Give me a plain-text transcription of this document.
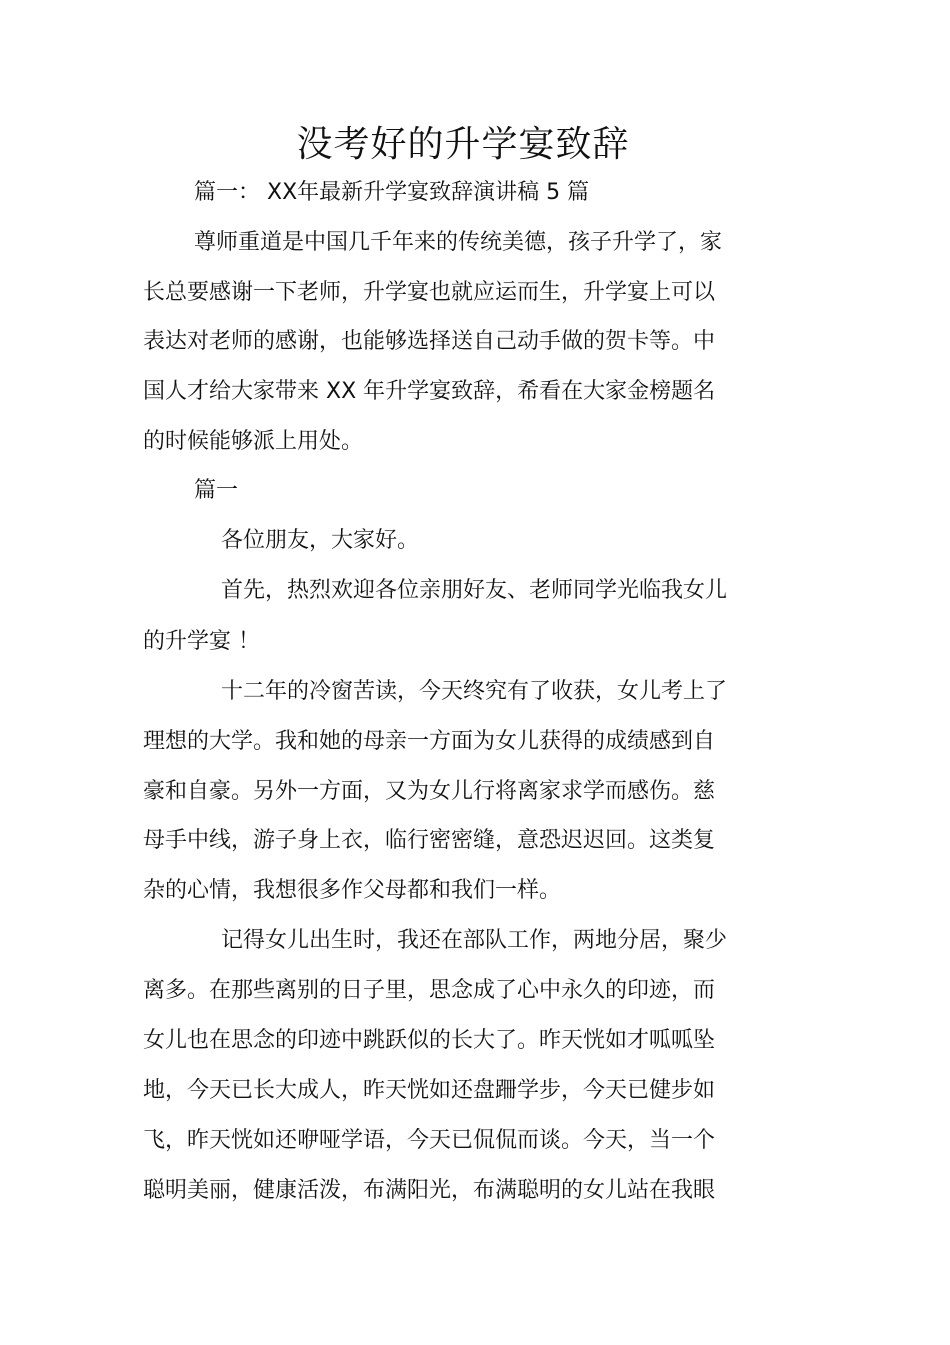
没考好的升学宴致辞
篇一： XX年最新升学宴致辞演讲稿 5 篇
尊师重道是中国几千年来的传统美德，孩子升学了，家
长总要感谢一下老师，升学宴也就应运而生，升学宴上可以
表达对老师的感谢，也能够选择送自己动手做的贺卡等。中
国人才给大家带来 XX 年升学宴致辞，希看在大家金榜题名
的时候能够派上用处。
篇一
各位朋友，大家好。
首先，热烈欢迎各位亲朋好友、老师同学光临我女儿
的升学宴 ！
十二年的冷窗苦读，今天终究有了收获，女儿考上了
理想的大学。我和她的母亲一方面为女儿获得的成绩感到自
豪和自豪。另外一方面，又为女儿行将离家求学而感伤。慈
母手中线，游子身上衣，临行密密缝，意恐迟迟回。这类复
杂的心情，我想很多作父母都和我们一样。
记得女儿出生时，我还在部队工作，两地分居，聚少
离多。在那些离别的日子里，思念成了心中永久的印迹，而
女儿也在思念的印迹中跳跃似的长大了。昨天恍如才呱呱坠
地，今天已长大成人，昨天恍如还盘跚学步，今天已健步如
飞，昨天恍如还咿哑学语，今天已侃侃而谈。今天，当一个
聪明美丽，健康活泼，布满阳光，布满聪明的女儿站在我眼
